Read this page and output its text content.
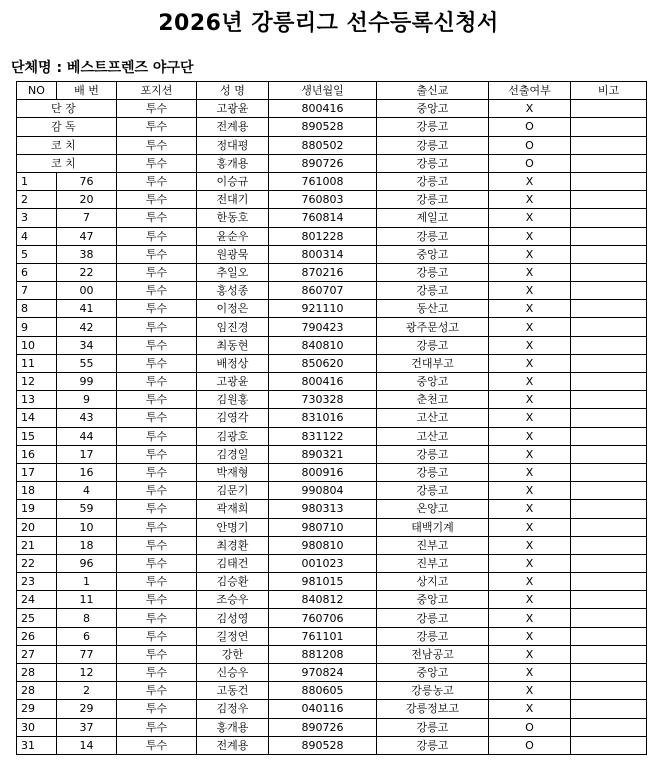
2026년 강릉리그 선수등록신청서
단체명 : 베스트프렌즈 야구단
NO	배 번	포지션	성 명	생년월일	출신교	선출여부	비고
단 장		투수	고광윤	800416	중앙고	X	
감 독		투수	전계용	890528	강릉고	O	
코 치		투수	정대평	880502	강릉고	O	
코 치		투수	홍개용	890726	강릉고	O	
1	76	투수	이승규	761008	강릉고	X	
2	20	투수	전대기	760803	강릉고	X	
3	7	투수	한동호	760814	제일고	X	
4	47	투수	윤순우	801228	강릉고	X	
5	38	투수	원광묵	800314	중앙고	X	
6	22	투수	추일오	870216	강릉고	X	
7	00	투수	홍성종	860707	강릉고	X	
8	41	투수	이정은	921110	동산고	X	
9	42	투수	임진경	790423	광주문성고	X	
10	34	투수	최동현	840810	강릉고	X	
11	55	투수	배정상	850620	건대부고	X	
12	99	투수	고광윤	800416	중앙고	X	
13	9	투수	김원홍	730328	춘천고	X	
14	43	투수	김영각	831016	고산고	X	
15	44	투수	김광호	831122	고산고	X	
16	17	투수	김경일	890321	강릉고	X	
17	16	투수	박재형	800916	강릉고	X	
18	4	투수	김문기	990804	강릉고	X	
19	59	투수	곽재희	980313	온양고	X	
20	10	투수	안명기	980710	태백기계	X	
21	18	투수	최경환	980810	진부고	X	
22	96	투수	김태건	001023	진부고	X	
23	1	투수	김승환	981015	상지고	X	
24	11	투수	조승우	840812	중앙고	X	
25	8	투수	김성영	760706	강릉고	X	
26	6	투수	길정연	761101	강릉고	X	
27	77	투수	강한	881208	전남공고	X	
28	12	투수	신승우	970824	중앙고	X	
28	2	투수	고동건	880605	강릉농고	X	
29	29	투수	김정우	040116	강릉정보고	X	
30	37	투수	홍개용	890726	강릉고	O	
31	14	투수	전계용	890528	강릉고	O	
